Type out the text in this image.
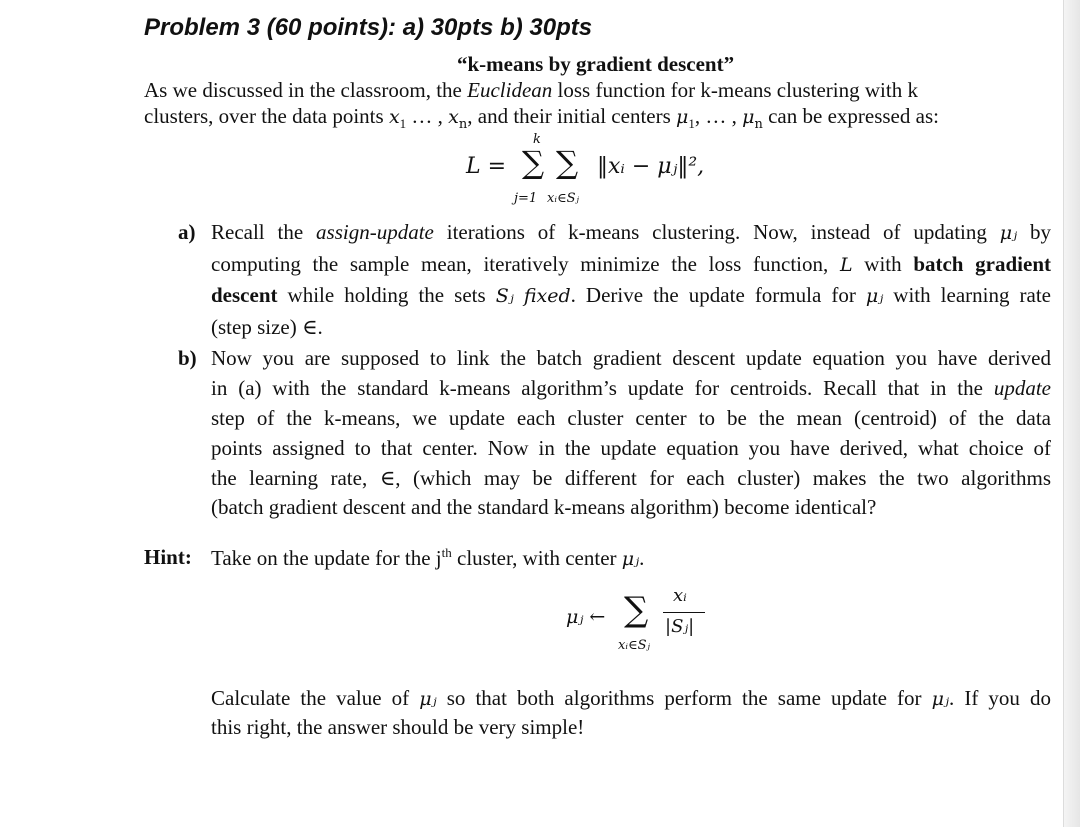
Problem 3 (60 points): a) 30pts b) 30pts
“k-means by gradient descent”
As we discussed in the classroom, the Euclidean loss function for k-means clustering with k
clusters, over the data points $x_1$ … , $x_n$, and their initial centers $\mu_1$, … , $\mu_n$ can be expressed as:
k
L = ∑ ∑ ‖xᵢ − μⱼ‖²,
j=1 xᵢ∈Sⱼ
a) Recall the assign-update iterations of k-means clustering. Now, instead of updating μⱼ by
computing the sample mean, iteratively minimize the loss function, L with batch gradient
descent while holding the sets Sⱼ fixed. Derive the update formula for μⱼ with learning rate
(step size) ∈.
b) Now you are supposed to link the batch gradient descent update equation you have derived
in (a) with the standard k-means algorithm’s update for centroids. Recall that in the update
step of the k-means, we update each cluster center to be the mean (centroid) of the data
points assigned to that center. Now in the update equation you have derived, what choice of
the learning rate, ∈, (which may be different for each cluster) makes the two algorithms
(batch gradient descent and the standard k-means algorithm) become identical?
Hint: Take on the update for the $j^{th}$ cluster, with center μⱼ.
μⱼ ← ∑
xᵢ∈Sⱼ
xᵢ
|Sⱼ|
Calculate the value of μⱼ so that both algorithms perform the same update for μⱼ. If you do
this right, the answer should be very simple!
